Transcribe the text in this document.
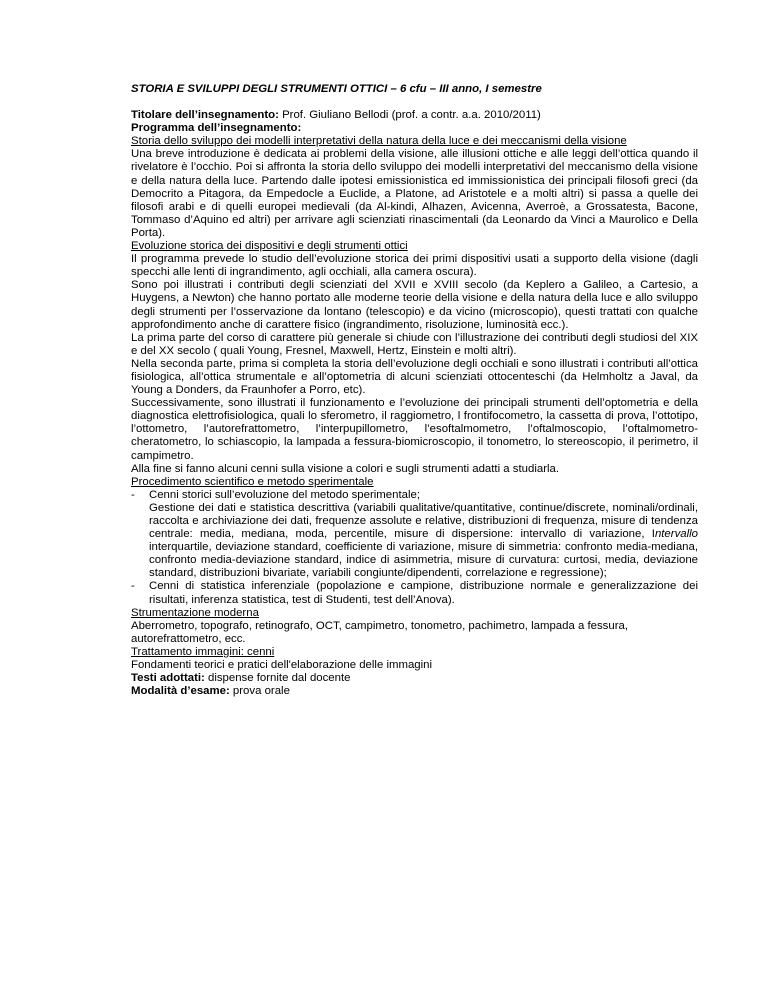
STORIA E SVILUPPI DEGLI STRUMENTI OTTICI – 6 cfu – III anno, I semestre

Titolare dell’insegnamento: Prof. Giuliano Bellodi (prof. a contr. a.a. 2010/2011)

Programma dell’insegnamento:

Storia dello sviluppo dei modelli interpretativi della natura della luce e dei meccanismi della visione

Una breve introduzione è dedicata ai problemi della visione, alle illusioni ottiche e alle leggi dell’ottica quando il rivelatore è l’occhio. Poi si affronta la storia dello sviluppo dei modelli interpretativi del meccanismo della visione e della natura della luce. Partendo dalle ipotesi emissionistica ed immissionistica dei principali filosofi greci (da Democrito a Pitagora, da Empedocle a Euclide, a Platone, ad Aristotele e a molti altri) si passa a quelle dei filosofi arabi e di quelli europei medievali (da Al-kindi, Alhazen, Avicenna, Averroè, a Grossatesta, Bacone, Tommaso d’Aquino ed altri) per arrivare agli scienziati rinascimentali (da Leonardo da Vinci a Maurolico e Della Porta).

Evoluzione storica dei dispositivi e degli strumenti ottici

Il programma prevede lo studio dell’evoluzione storica dei primi dispositivi usati a supporto della visione (dagli specchi alle lenti di ingrandimento, agli occhiali, alla camera oscura).

Sono poi illustrati i contributi degli scienziati del XVII e XVIII secolo (da Keplero a Galileo, a Cartesio, a Huygens, a Newton) che hanno portato alle moderne teorie della visione e della natura della luce e allo sviluppo degli strumenti per l’osservazione da lontano (telescopio) e da vicino (microscopio), questi trattati con qualche approfondimento anche di carattere fisico (ingrandimento, risoluzione, luminosità ecc.).

La prima parte del corso di carattere più generale si chiude con l’illustrazione dei contributi degli studiosi del XIX e del XX secolo ( quali Young, Fresnel, Maxwell, Hertz, Einstein e molti altri).

Nella seconda parte, prima si completa la storia dell’evoluzione degli occhiali e sono illustrati i contributi all’ottica fisiologica, all’ottica strumentale e all’optometria di alcuni scienziati ottocenteschi (da Helmholtz a Javal, da Young a Donders, da Fraunhofer a Porro, etc).

Successivamente, sono illustrati il funzionamento e l’evoluzione dei principali strumenti dell’optometria e della diagnostica elettrofisiologica, quali lo sferometro, il raggiometro, l frontifocometro, la cassetta di prova, l’ottotipo, l’ottometro, l’autorefrattometro, l’interpupillometro, l’esoftalmometro, l’oftalmoscopio, l’oftalmometro-cheratometro, lo schiascopio, la lampada a fessura-biomicroscopio, il tonometro, lo stereoscopio, il perimetro, il campimetro.

Alla fine si fanno alcuni cenni sulla visione a colori e sugli strumenti adatti a studiarla.

Procedimento scientifico e metodo sperimentale

- Cenni storici sull’evoluzione del metodo sperimentale;

Gestione dei dati e statistica descrittiva (variabili qualitative/quantitative, continue/discrete, nominali/ordinali, raccolta e archiviazione dei dati, frequenze assolute e relative, distribuzioni di frequenza, misure di tendenza centrale: media, mediana, moda, percentile, misure di dispersione: intervallo di variazione, Intervallo interquartile, deviazione standard, coefficiente di variazione, misure di simmetria: confronto media-mediana, confronto media-deviazione standard, indice di asimmetria, misure di curvatura: curtosi, media, deviazione standard, distribuzioni bivariate, variabili congiunte/dipendenti, correlazione e regressione);

- Cenni di statistica inferenziale (popolazione e campione, distribuzione normale e generalizzazione dei risultati, inferenza statistica, test di Studenti, test dell’Anova).

Strumentazione moderna

Aberrometro, topografo, retinografo, OCT, campimetro, tonometro, pachimetro, lampada a fessura, autorefrattometro, ecc.

Trattamento immagini: cenni

Fondamenti teorici e pratici dell'elaborazione delle immagini

Testi adottati: dispense fornite dal docente

Modalità d’esame: prova orale
